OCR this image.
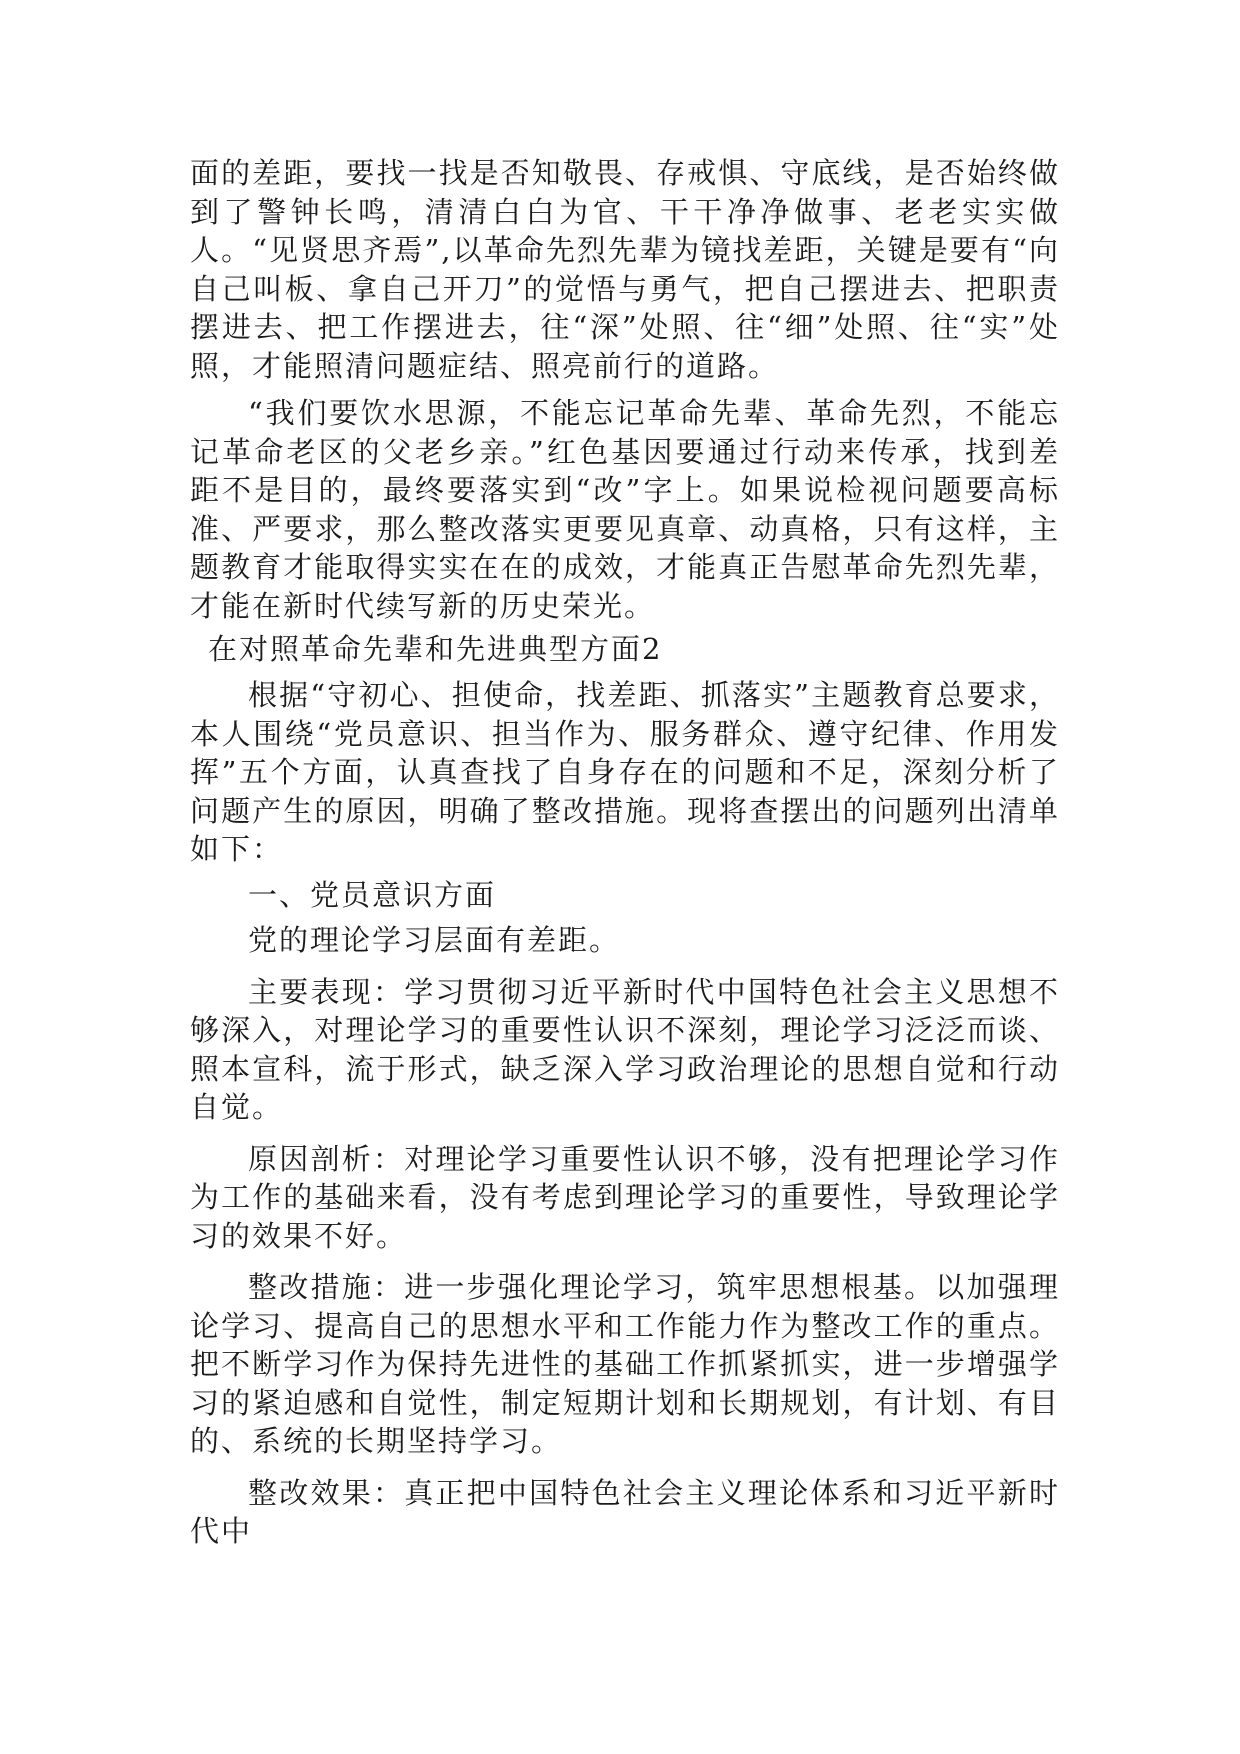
面的差距，要找一找是否知敬畏、存戒惧、守底线，是否始终做到了警钟长鸣，清清白白为官、干干净净做事、老老实实做人。“见贤思齐焉”,以革命先烈先辈为镜找差距，关键是要有“向自己叫板、拿自己开刀”的觉悟与勇气，把自己摆进去、把职责摆进去、把工作摆进去，往“深”处照、往“细”处照、往“实”处照，才能照清问题症结、照亮前行的道路。

“我们要饮水思源，不能忘记革命先辈、革命先烈，不能忘记革命老区的父老乡亲。”红色基因要通过行动来传承，找到差距不是目的，最终要落实到“改”字上。如果说检视问题要高标准、严要求，那么整改落实更要见真章、动真格，只有这样，主题教育才能取得实实在在的成效，才能真正告慰革命先烈先辈，才能在新时代续写新的历史荣光。

在对照革命先辈和先进典型方面2

根据“守初心、担使命，找差距、抓落实”主题教育总要求，本人围绕“党员意识、担当作为、服务群众、遵守纪律、作用发挥”五个方面，认真查找了自身存在的问题和不足，深刻分析了问题产生的原因，明确了整改措施。现将查摆出的问题列出清单如下：

一、党员意识方面

党的理论学习层面有差距。

主要表现：学习贯彻习近平新时代中国特色社会主义思想不够深入，对理论学习的重要性认识不深刻，理论学习泛泛而谈、照本宣科，流于形式，缺乏深入学习政治理论的思想自觉和行动自觉。

原因剖析：对理论学习重要性认识不够，没有把理论学习作为工作的基础来看，没有考虑到理论学习的重要性，导致理论学习的效果不好。

整改措施：进一步强化理论学习，筑牢思想根基。以加强理论学习、提高自己的思想水平和工作能力作为整改工作的重点。把不断学习作为保持先进性的基础工作抓紧抓实，进一步增强学习的紧迫感和自觉性，制定短期计划和长期规划，有计划、有目的、系统的长期坚持学习。

整改效果：真正把中国特色社会主义理论体系和习近平新时代中
